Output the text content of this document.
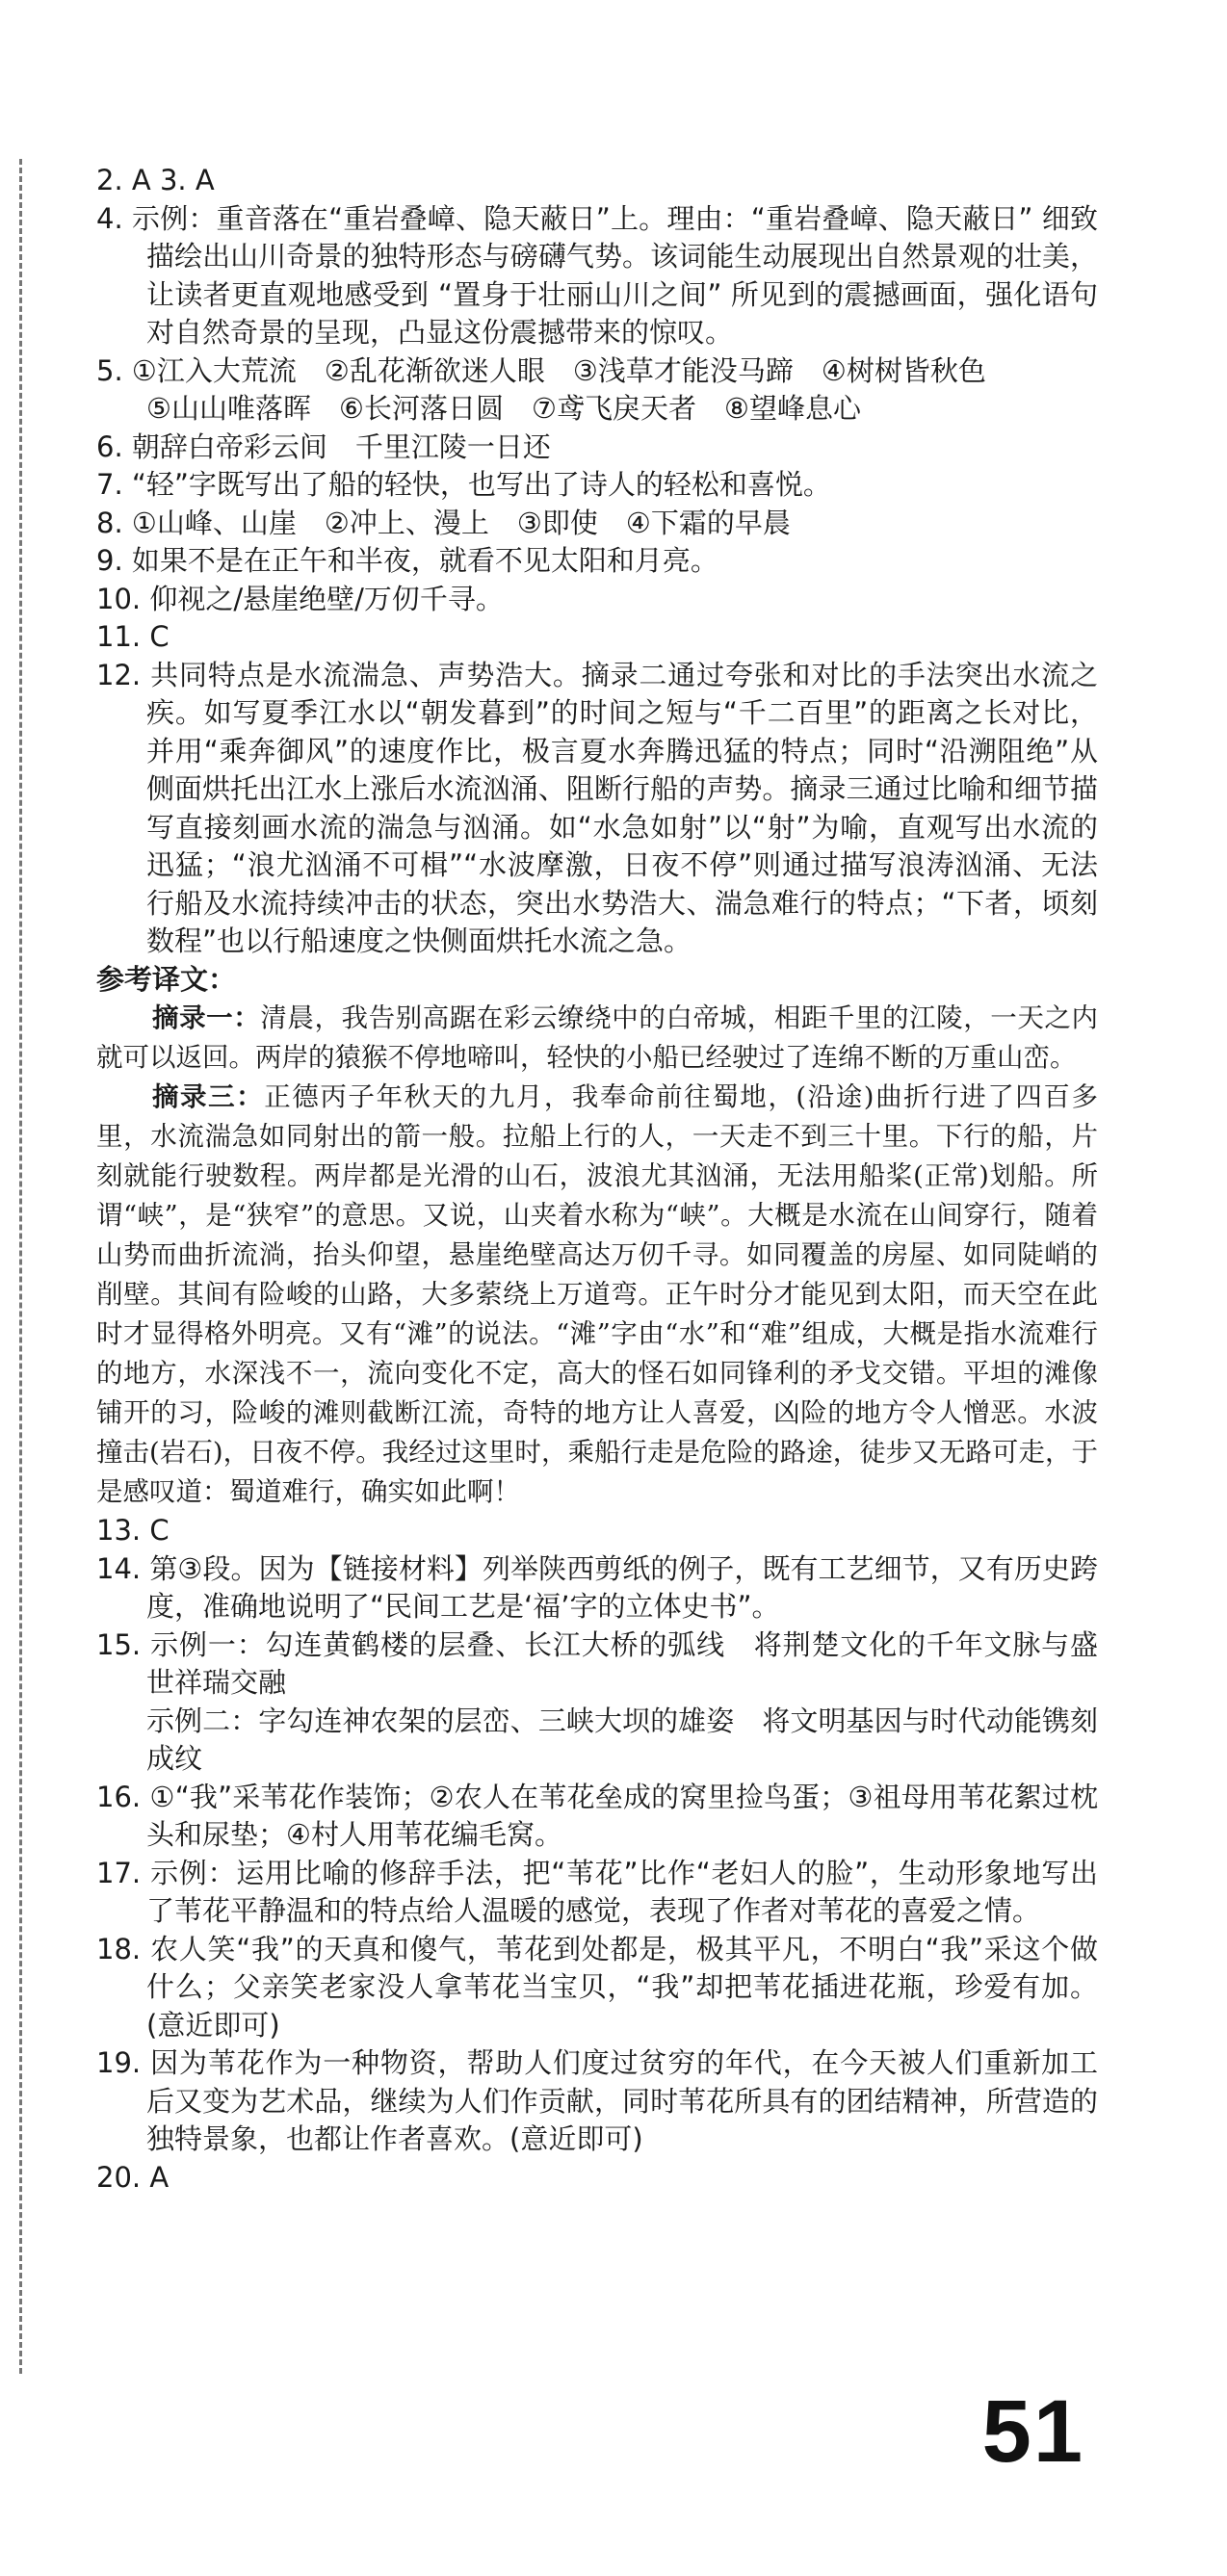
2. A 3. A

4. 示例：重音落在“重岩叠嶂、隐天蔽日”上。理由：“重岩叠嶂、隐天蔽日” 细致描绘出山川奇景的独特形态与磅礴气势。该词能生动展现出自然景观的壮美，让读者更直观地感受到 “置身于壮丽山川之间” 所见到的震撼画面，强化语句对自然奇景的呈现，凸显这份震撼带来的惊叹。

5. ①江入大荒流　②乱花渐欲迷人眼　③浅草才能没马蹄　④树树皆秋色

⑤山山唯落晖　⑥长河落日圆　⑦鸢飞戾天者　⑧望峰息心

6. 朝辞白帝彩云间　千里江陵一日还

7. “轻”字既写出了船的轻快，也写出了诗人的轻松和喜悦。

8. ①山峰、山崖　②冲上、漫上　③即使　④下霜的早晨

9. 如果不是在正午和半夜，就看不见太阳和月亮。

10. 仰视之/悬崖绝壁/万仞千寻。

11. C

12. 共同特点是水流湍急、声势浩大。摘录二通过夸张和对比的手法突出水流之疾。如写夏季江水以“朝发暮到”的时间之短与“千二百里”的距离之长对比，并用“乘奔御风”的速度作比，极言夏水奔腾迅猛的特点；同时“沿溯阻绝”从侧面烘托出江水上涨后水流汹涌、阻断行船的声势。摘录三通过比喻和细节描写直接刻画水流的湍急与汹涌。如“水急如射”以“射”为喻，直观写出水流的迅猛；“浪尤汹涌不可楫”“水波摩激，日夜不停”则通过描写浪涛汹涌、无法行船及水流持续冲击的状态，突出水势浩大、湍急难行的特点；“下者，顷刻数程”也以行船速度之快侧面烘托水流之急。

参考译文：

摘录一：清晨，我告别高踞在彩云缭绕中的白帝城，相距千里的江陵，一天之内就可以返回。两岸的猿猴不停地啼叫，轻快的小船已经驶过了连绵不断的万重山峦。

摘录三：正德丙子年秋天的九月，我奉命前往蜀地，(沿途)曲折行进了四百多里，水流湍急如同射出的箭一般。拉船上行的人，一天走不到三十里。下行的船，片刻就能行驶数程。两岸都是光滑的山石，波浪尤其汹涌，无法用船桨(正常)划船。所谓“峡”，是“狭窄”的意思。又说，山夹着水称为“峡”。大概是水流在山间穿行，随着山势而曲折流淌，抬头仰望，悬崖绝壁高达万仞千寻。如同覆盖的房屋、如同陡峭的削壁。其间有险峻的山路，大多萦绕上万道弯。正午时分才能见到太阳，而天空在此时才显得格外明亮。又有“滩”的说法。“滩”字由“水”和“难”组成，大概是指水流难行的地方，水深浅不一，流向变化不定，高大的怪石如同锋利的矛戈交错。平坦的滩像铺开的习，险峻的滩则截断江流，奇特的地方让人喜爱，凶险的地方令人憎恶。水波撞击(岩石)，日夜不停。我经过这里时，乘船行走是危险的路途，徒步又无路可走，于是感叹道：蜀道难行，确实如此啊！

13. C

14. 第③段。因为【链接材料】列举陕西剪纸的例子，既有工艺细节，又有历史跨度，准确地说明了“民间工艺是‘福’字的立体史书”。

15. 示例一：勾连黄鹤楼的层叠、长江大桥的弧线　将荆楚文化的千年文脉与盛世祥瑞交融

示例二：字勾连神农架的层峦、三峡大坝的雄姿　将文明基因与时代动能镌刻成纹

16. ①“我”采苇花作装饰；②农人在苇花垒成的窝里捡鸟蛋；③祖母用苇花絮过枕头和尿垫；④村人用苇花编毛窝。

17. 示例：运用比喻的修辞手法，把“苇花”比作“老妇人的脸”，生动形象地写出了苇花平静温和的特点给人温暖的感觉，表现了作者对苇花的喜爱之情。

18. 农人笑“我”的天真和傻气，苇花到处都是，极其平凡，不明白“我”采这个做什么；父亲笑老家没人拿苇花当宝贝，“我”却把苇花插进花瓶，珍爱有加。(意近即可)

19. 因为苇花作为一种物资，帮助人们度过贫穷的年代，在今天被人们重新加工后又变为艺术品，继续为人们作贡献，同时苇花所具有的团结精神，所营造的独特景象，也都让作者喜欢。(意近即可)

20. A

51
